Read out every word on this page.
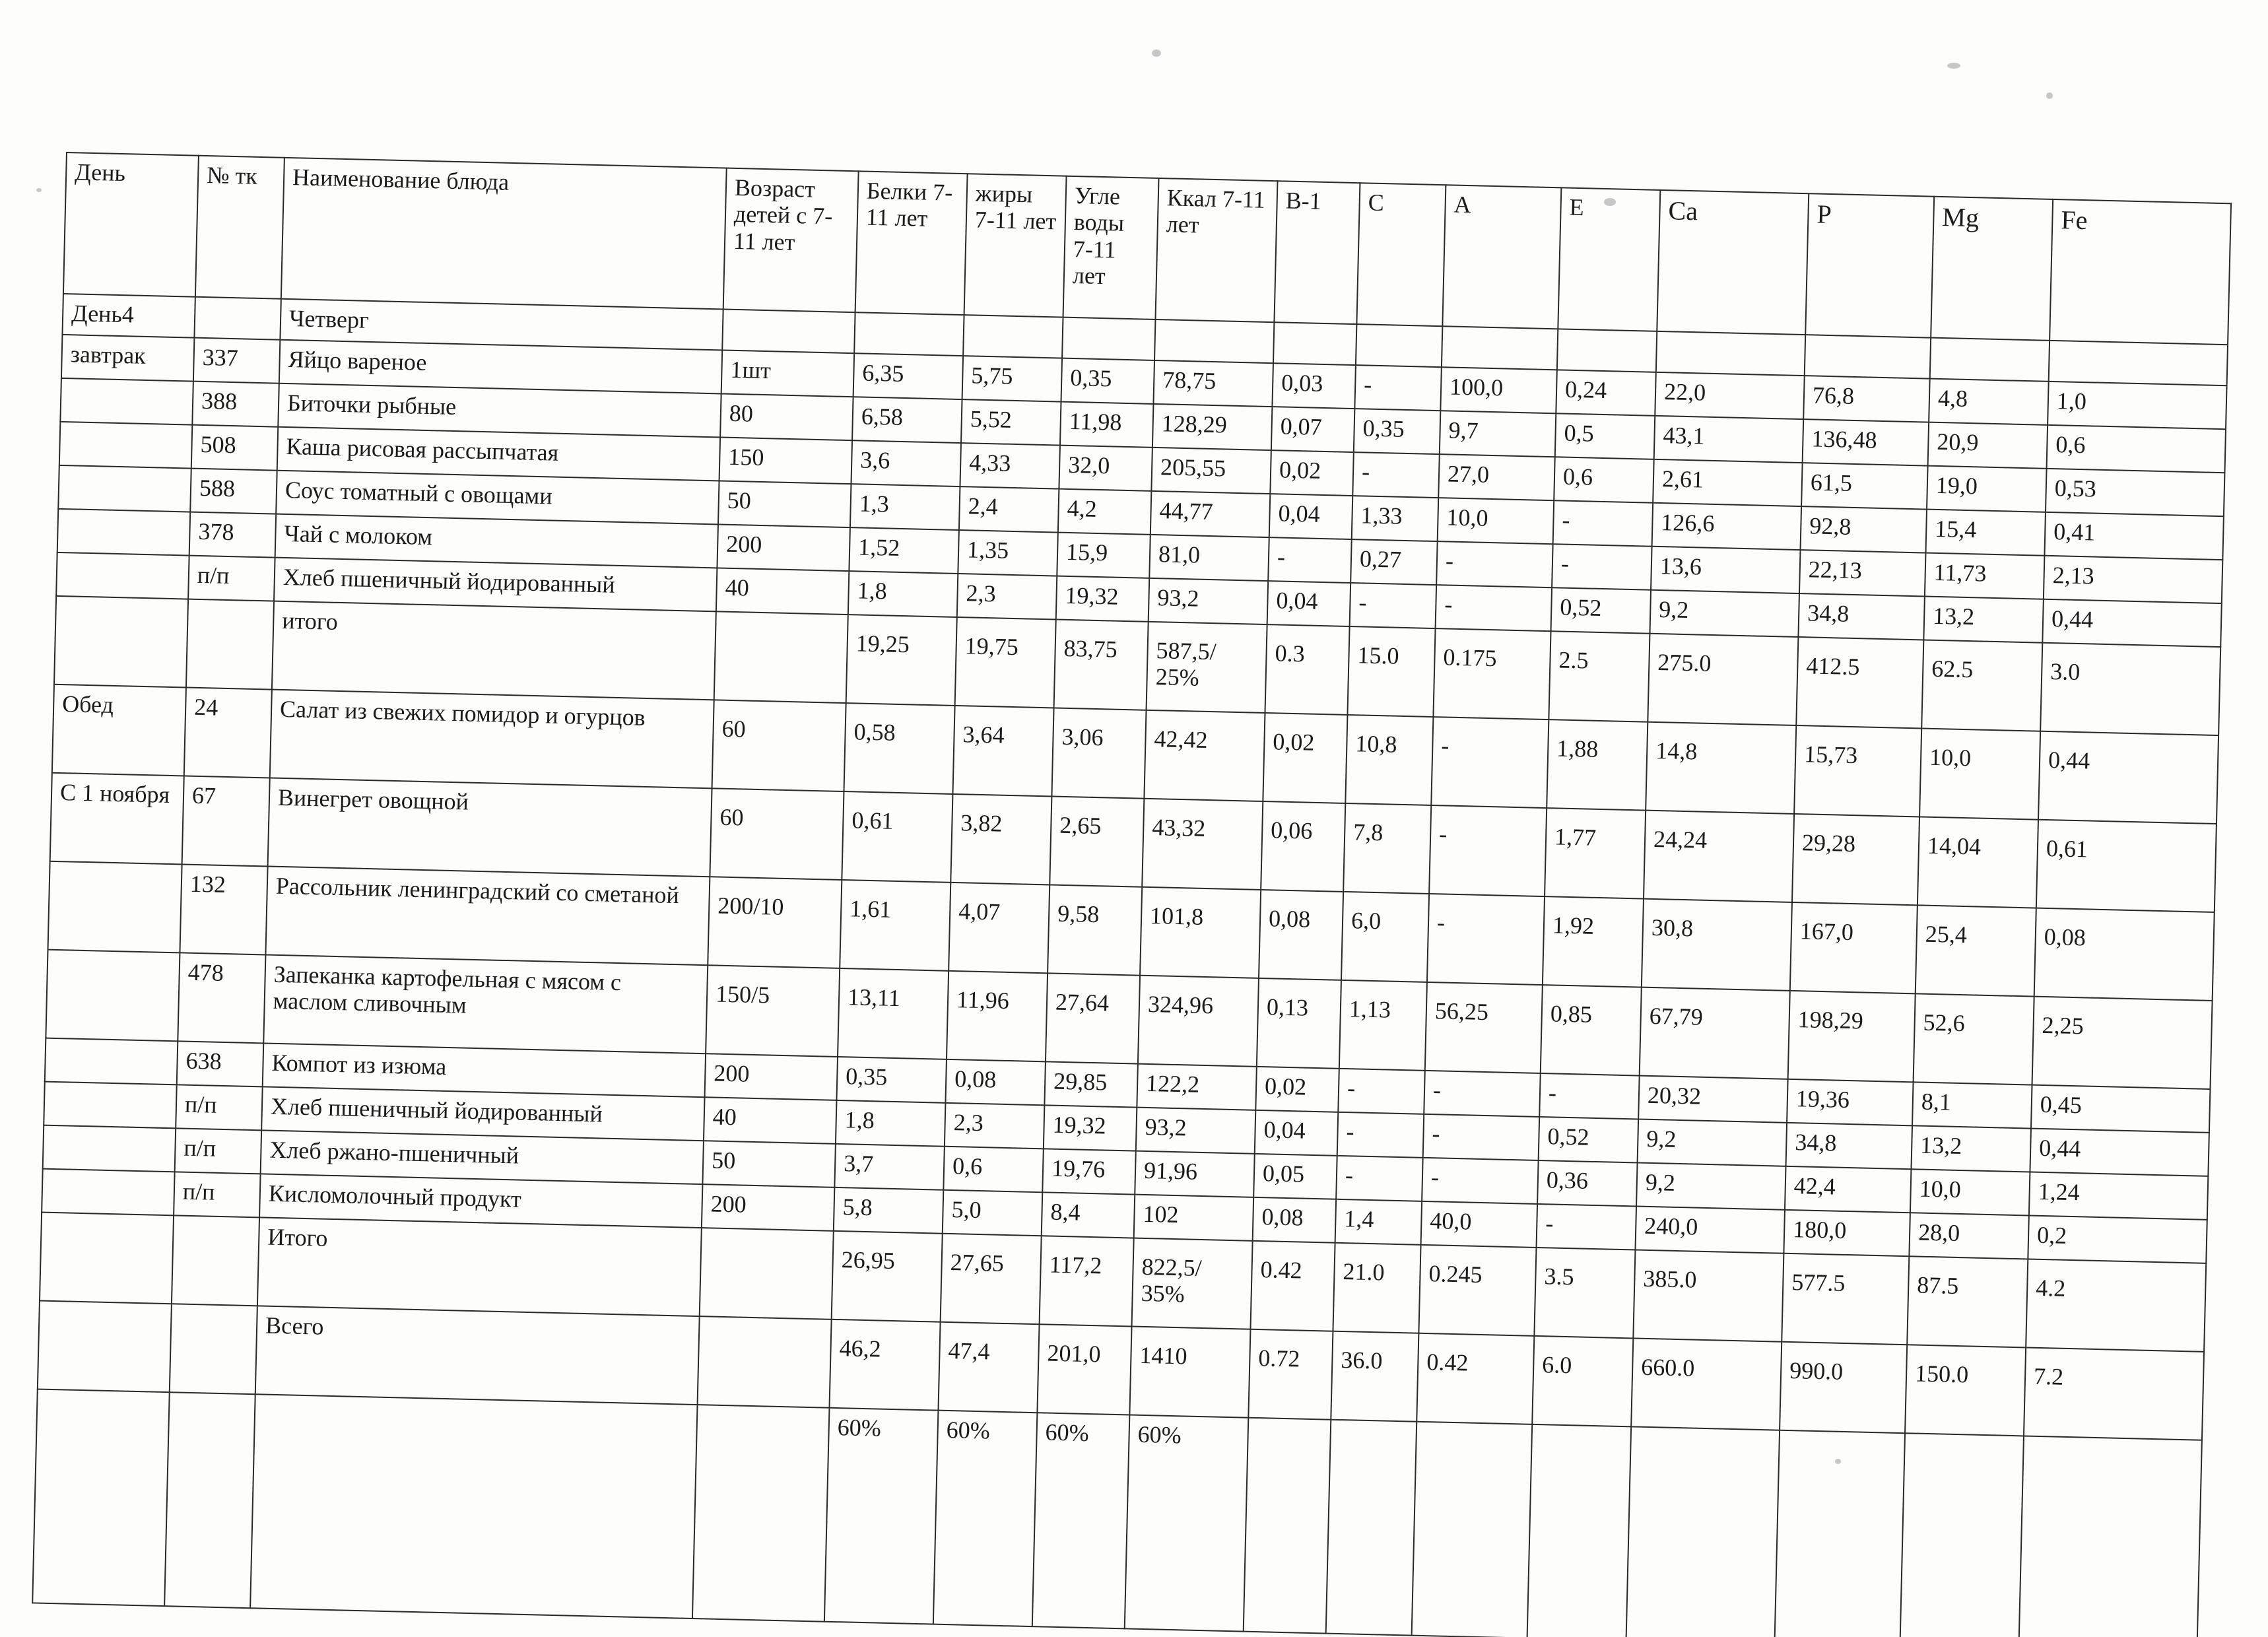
День	№ тк	Наименование блюда	Возраст детей с 7-11 лет	Белки 7-11 лет	жиры 7-11 лет	Угле воды 7-11 лет	Ккал 7-11 лет	В-1	С	А	Е	Ca	P	Mg	Fe
День4		Четверг													
завтрак	337	Яйцо вареное	1шт	6,35	5,75	0,35	78,75	0,03	-	100,0	0,24	22,0	76,8	4,8	1,0
	388	Биточки рыбные	80	6,58	5,52	11,98	128,29	0,07	0,35	9,7	0,5	43,1	136,48	20,9	0,6
	508	Каша рисовая рассыпчатая	150	3,6	4,33	32,0	205,55	0,02	-	27,0	0,6	2,61	61,5	19,0	0,53
	588	Соус томатный с овощами	50	1,3	2,4	4,2	44,77	0,04	1,33	10,0	-	126,6	92,8	15,4	0,41
	378	Чай с молоком	200	1,52	1,35	15,9	81,0	-	0,27	-	-	13,6	22,13	11,73	2,13
	п/п	Хлеб пшеничный йодированный	40	1,8	2,3	19,32	93,2	0,04	-	-	0,52	9,2	34,8	13,2	0,44
		итого		19,25	19,75	83,75	587,5/ 25%	0.3	15.0	0.175	2.5	275.0	412.5	62.5	3.0
Обед	24	Салат из свежих помидор и огурцов	60	0,58	3,64	3,06	42,42	0,02	10,8	-	1,88	14,8	15,73	10,0	0,44
С 1 ноября	67	Винегрет овощной	60	0,61	3,82	2,65	43,32	0,06	7,8	-	1,77	24,24	29,28	14,04	0,61
	132	Рассольник ленинградский со сметаной	200/10	1,61	4,07	9,58	101,8	0,08	6,0	-	1,92	30,8	167,0	25,4	0,08
	478	Запеканка картофельная с мясом с маслом сливочным	150/5	13,11	11,96	27,64	324,96	0,13	1,13	56,25	0,85	67,79	198,29	52,6	2,25
	638	Компот из изюма	200	0,35	0,08	29,85	122,2	0,02	-	-	-	20,32	19,36	8,1	0,45
	п/п	Хлеб пшеничный йодированный	40	1,8	2,3	19,32	93,2	0,04	-	-	0,52	9,2	34,8	13,2	0,44
	п/п	Хлеб ржано-пшеничный	50	3,7	0,6	19,76	91,96	0,05	-	-	0,36	9,2	42,4	10,0	1,24
	п/п	Кисломолочный продукт	200	5,8	5,0	8,4	102	0,08	1,4	40,0	-	240,0	180,0	28,0	0,2
		Итого		26,95	27,65	117,2	822,5/ 35%	0.42	21.0	0.245	3.5	385.0	577.5	87.5	4.2
		Всего		46,2	47,4	201,0	1410	0.72	36.0	0.42	6.0	660.0	990.0	150.0	7.2
				60%	60%	60%	60%								
